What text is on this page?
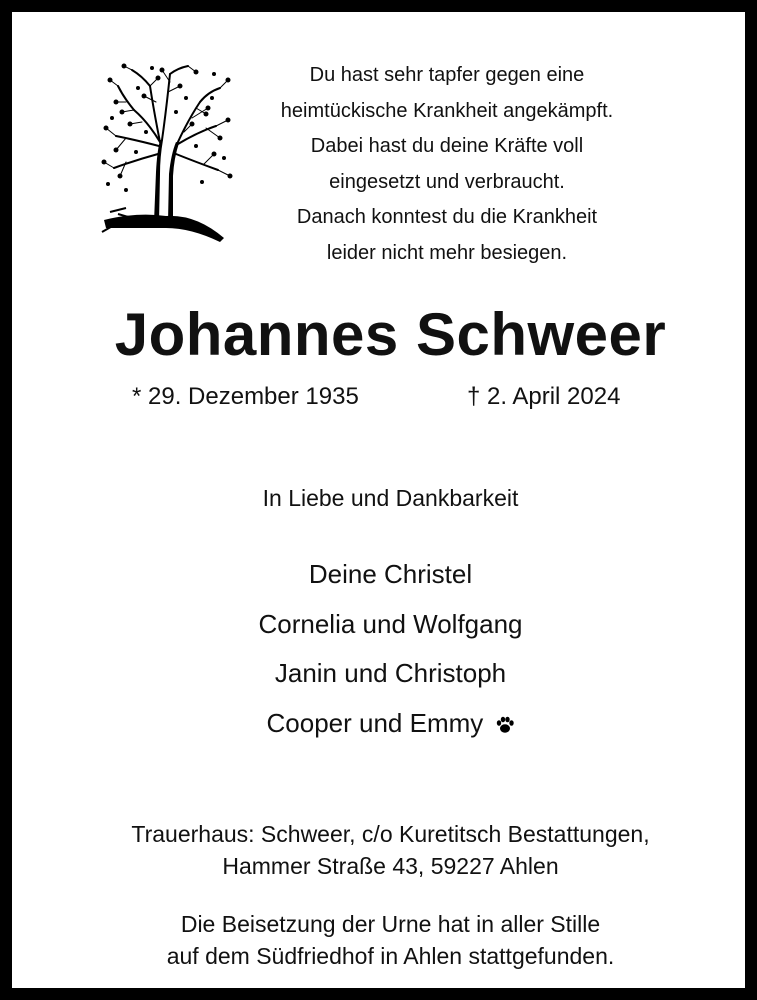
Du hast sehr tapfer gegen eine
heimtückische Krankheit angekämpft.
Dabei hast du deine Kräfte voll
eingesetzt und verbraucht.
Danach konntest du die Krankheit
leider nicht mehr besiegen.
Johannes Schweer
* 29. Dezember 1935	† 2. April 2024
In Liebe und Dankbarkeit
Deine Christel
Cornelia und Wolfgang
Janin und Christoph
Cooper und Emmy
Trauerhaus: Schweer, c/o Kuretitsch Bestattungen,
Hammer Straße 43, 59227 Ahlen
Die Beisetzung der Urne hat in aller Stille
auf dem Südfriedhof in Ahlen stattgefunden.
